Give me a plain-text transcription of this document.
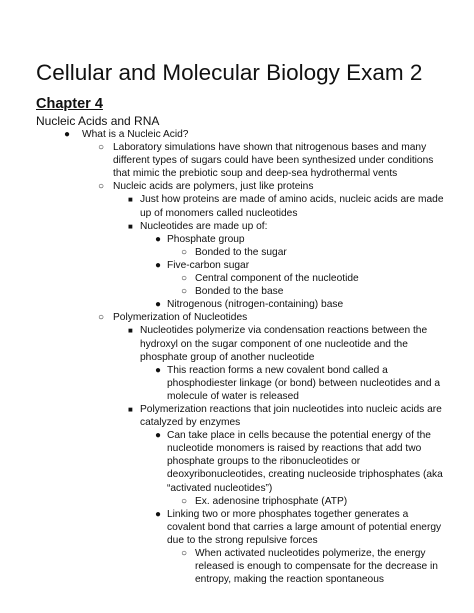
Cellular and Molecular Biology Exam 2
Chapter 4

Nucleic Acids and RNA

● What is a Nucleic Acid?
○ Laboratory simulations have shown that nitrogenous bases and many different types of sugars could have been synthesized under conditions that mimic the prebiotic soup and deep-sea hydrothermal vents
○ Nucleic acids are polymers, just like proteins
■ Just how proteins are made of amino acids, nucleic acids are made up of monomers called nucleotides
■ Nucleotides are made up of:
● Phosphate group
○ Bonded to the sugar
● Five-carbon sugar
○ Central component of the nucleotide
○ Bonded to the base
● Nitrogenous (nitrogen-containing) base
○ Polymerization of Nucleotides
■ Nucleotides polymerize via condensation reactions between the hydroxyl on the sugar component of one nucleotide and the phosphate group of another nucleotide
● This reaction forms a new covalent bond called a phosphodiester linkage (or bond) between nucleotides and a molecule of water is released
■ Polymerization reactions that join nucleotides into nucleic acids are catalyzed by enzymes
● Can take place in cells because the potential energy of the nucleotide monomers is raised by reactions that add two phosphate groups to the ribonucleotides or deoxyribonucleotides, creating nucleoside triphosphates (aka “activated nucleotides”)
○ Ex. adenosine triphosphate (ATP)
● Linking two or more phosphates together generates a covalent bond that carries a large amount of potential energy due to the strong repulsive forces
○ When activated nucleotides polymerize, the energy released is enough to compensate for the decrease in entropy, making the reaction spontaneous
